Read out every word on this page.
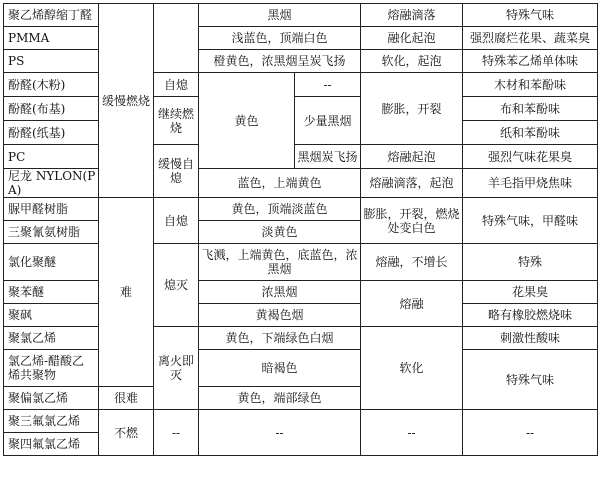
聚乙烯醇缩丁醛	缓慢燃烧		黑烟		熔融滴落	特殊气味
PMMA			浅蓝色，顶端白色		融化起泡	强烈腐烂花果、蔬菜臭
PS			橙黄色，浓黑烟呈炭飞扬		软化，起泡	特殊苯乙烯单体味
酚醛(木粉)		自熄	黄色	--	膨胀，开裂	木材和苯酚味
酚醛(布基)		继续燃烧		少量黑烟		布和苯酚味
酚醛(纸基)						纸和苯酚味
PC		缓慢自熄		黑烟炭飞扬	熔融起泡	强烈气味花果臭
尼龙 NYLON(PA)			蓝色，上端黄色		熔融滴落，起泡	羊毛指甲烧焦味
脲甲醛树脂	难	自熄	黄色，顶端淡蓝色		膨胀，开裂，燃烧处变白色	特殊气味，甲醛味
三聚氰氨树脂			淡黄色			
氯化聚醚		熄灭	飞溅，上端黄色，底蓝色，浓黑烟		熔融，不增长	特殊
聚苯醚			浓黑烟		熔融	花果臭
聚砜			黄褐色烟			略有橡胶燃烧味
聚氯乙烯		离火即灭	黄色，下端绿色白烟		软化	刺激性酸味
氯乙烯-醋酸乙烯共聚物			暗褐色			特殊气味
聚偏氯乙烯	很难		黄色，端部绿色			
聚三氟氯乙烯	不燃	--	--		--	--
聚四氟氯乙烯						
